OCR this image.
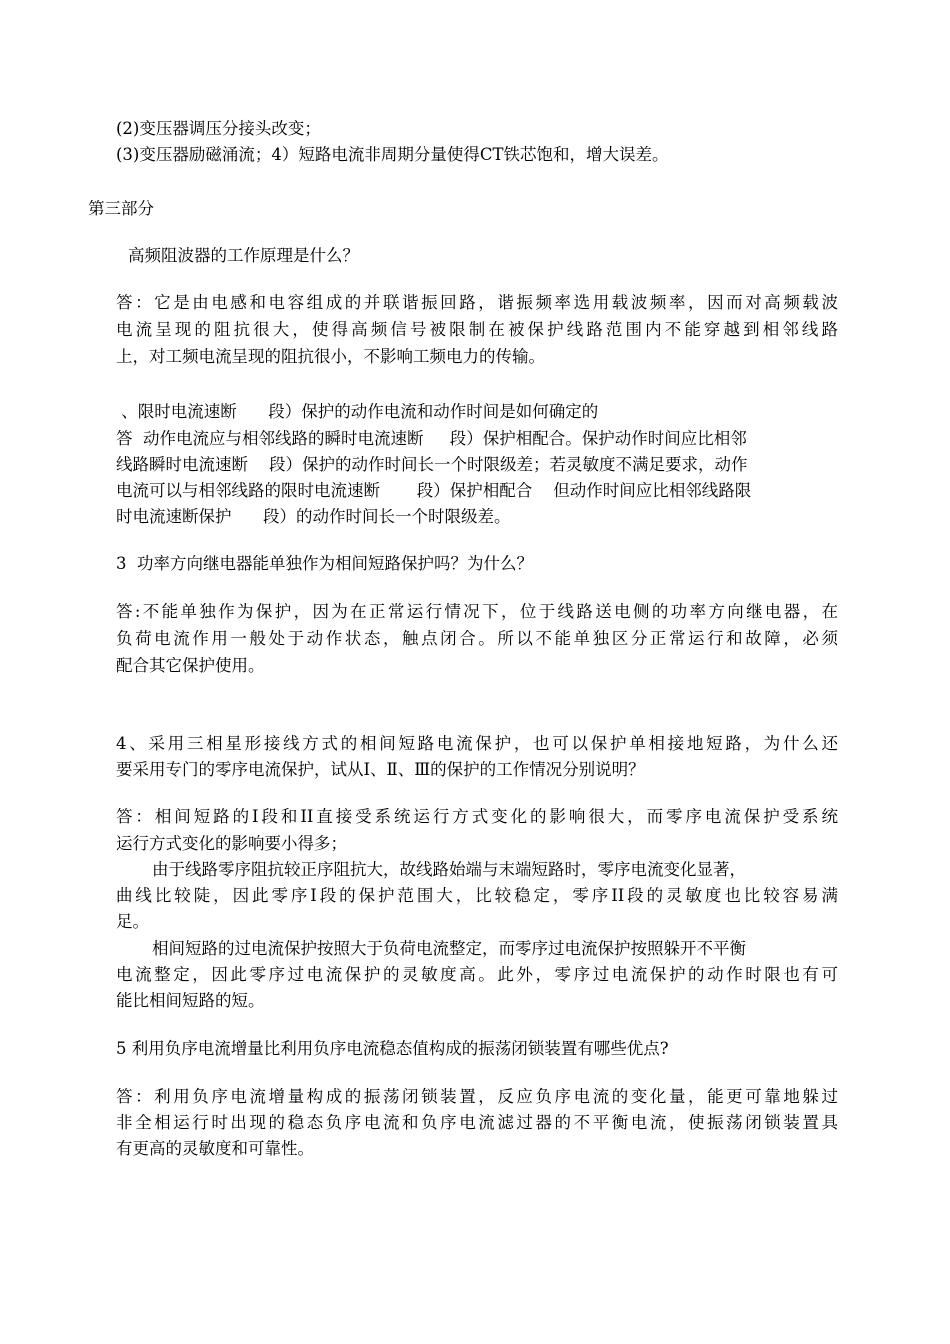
(2)变压器调压分接头改变；
(3)变压器励磁涌流；4）短路电流非周期分量使得CT铁芯饱和，增大误差。
第三部分
高频阻波器的工作原理是什么？
答：它是由电感和电容组成的并联谐振回路，谐振频率选用载波频率，因而对高频载波
电流呈现的阻抗很大，使得高频信号被限制在被保护线路范围内不能穿越到相邻线路
上，对工频电流呈现的阻抗很小，不影响工频电力的传输。
、限时电流速断      段）保护的动作电流和动作时间是如何确定的
答  动作电流应与相邻线路的瞬时电流速断     段）保护相配合。保护动作时间应比相邻
线路瞬时电流速断    段）保护的动作时间长一个时限级差；若灵敏度不满足要求，动作
电流可以与相邻线路的限时电流速断       段）保护相配合    但动作时间应比相邻线路限
时电流速断保护      段）的动作时间长一个时限级差。
3  功率方向继电器能单独作为相间短路保护吗？为什么？
答:不能单独作为保护，因为在正常运行情况下，位于线路送电侧的功率方向继电器，在
负荷电流作用一般处于动作状态，触点闭合。所以不能单独区分正常运行和故障，必须
配合其它保护使用。
4、采用三相星形接线方式的相间短路电流保护，也可以保护单相接地短路，为什么还
要采用专门的零序电流保护，试从Ⅰ、Ⅱ、Ⅲ的保护的工作情况分别说明？
答：相间短路的I段和II直接受系统运行方式变化的影响很大，而零序电流保护受系统
运行方式变化的影响要小得多；
由于线路零序阻抗较正序阻抗大，故线路始端与末端短路时，零序电流变化显著，
曲线比较陡，因此零序I段的保护范围大，比较稳定，零序II段的灵敏度也比较容易满
足。
相间短路的过电流保护按照大于负荷电流整定，而零序过电流保护按照躲开不平衡
电流整定，因此零序过电流保护的灵敏度高。此外，零序过电流保护的动作时限也有可
能比相间短路的短。
5 利用负序电流增量比利用负序电流稳态值构成的振荡闭锁装置有哪些优点?
答：利用负序电流增量构成的振荡闭锁装置，反应负序电流的变化量，能更可靠地躲过
非全相运行时出现的稳态负序电流和负序电流滤过器的不平衡电流，使振荡闭锁装置具
有更高的灵敏度和可靠性。
